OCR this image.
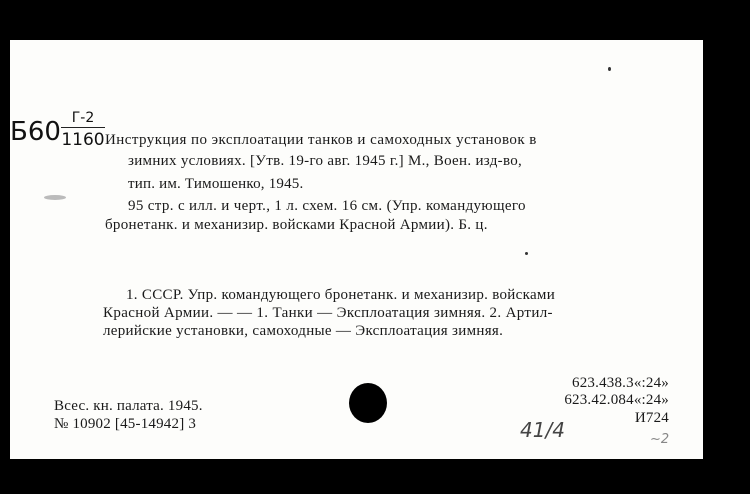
Б60 Г-2
1160 Инструкция по эксплоатации танков и самоходных установок в
зимних условиях. [Утв. 19-го авг. 1945 г.] М., Воен. изд-во,
тип. им. Тимошенко, 1945.
95 стр. с илл. и черт., 1 л. схем. 16 см. (Упр. командующего
бронетанк. и механизир. войсками Красной Армии). Б. ц.
1. СССР. Упр. командующего бронетанк. и механизир. войсками
Красной Армии. — — 1. Танки — Эксплоатация зимняя. 2. Артил-
лерийские установки, самоходные — Эксплоатация зимняя.
Всес. кн. палата. 1945.
№ 10902 [45-14942] 3
623.438.3«:24»
623.42.084«:24»
И724
41/4	~2
